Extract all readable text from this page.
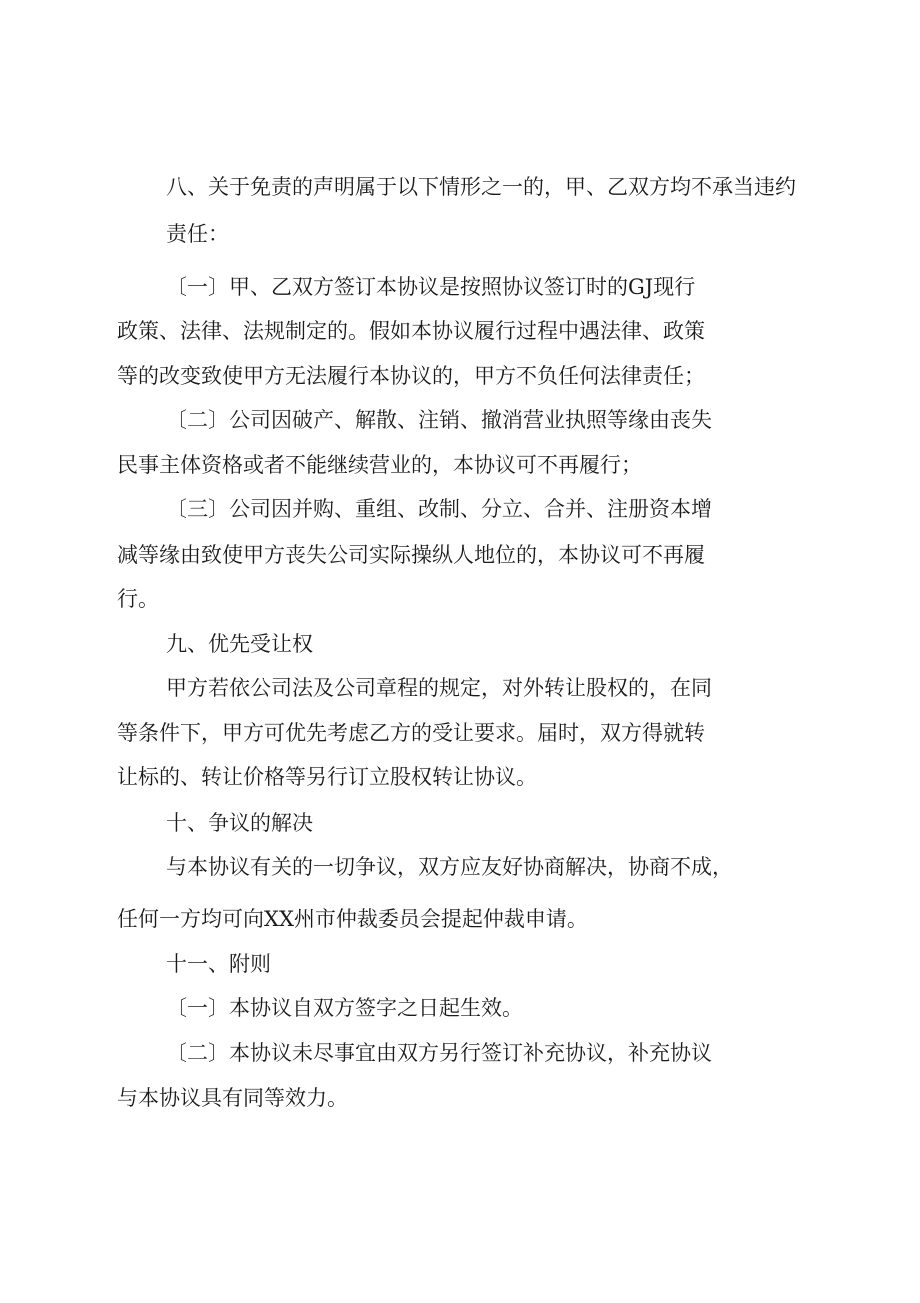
八、关于免责的声明属于以下情形之一的，甲、乙双方均不承当违约
责任：
〔一〕甲、乙双方签订本协议是按照协议签订时的GJ现行
政策、法律、法规制定的。假如本协议履行过程中遇法律、政策
等的改变致使甲方无法履行本协议的，甲方不负任何法律责任；
〔二〕公司因破产、解散、注销、撤消营业执照等缘由丧失
民事主体资格或者不能继续营业的，本协议可不再履行；
〔三〕公司因并购、重组、改制、分立、合并、注册资本增
减等缘由致使甲方丧失公司实际操纵人地位的，本协议可不再履
行。
九、优先受让权
甲方若依公司法及公司章程的规定，对外转让股权的，在同
等条件下，甲方可优先考虑乙方的受让要求。届时，双方得就转
让标的、转让价格等另行订立股权转让协议。
十、争议的解决
与本协议有关的一切争议，双方应友好协商解决，协商不成，
任何一方均可向XX州市仲裁委员会提起仲裁申请。
十一、附则
〔一〕本协议自双方签字之日起生效。
〔二〕本协议未尽事宜由双方另行签订补充协议，补充协议
与本协议具有同等效力。
